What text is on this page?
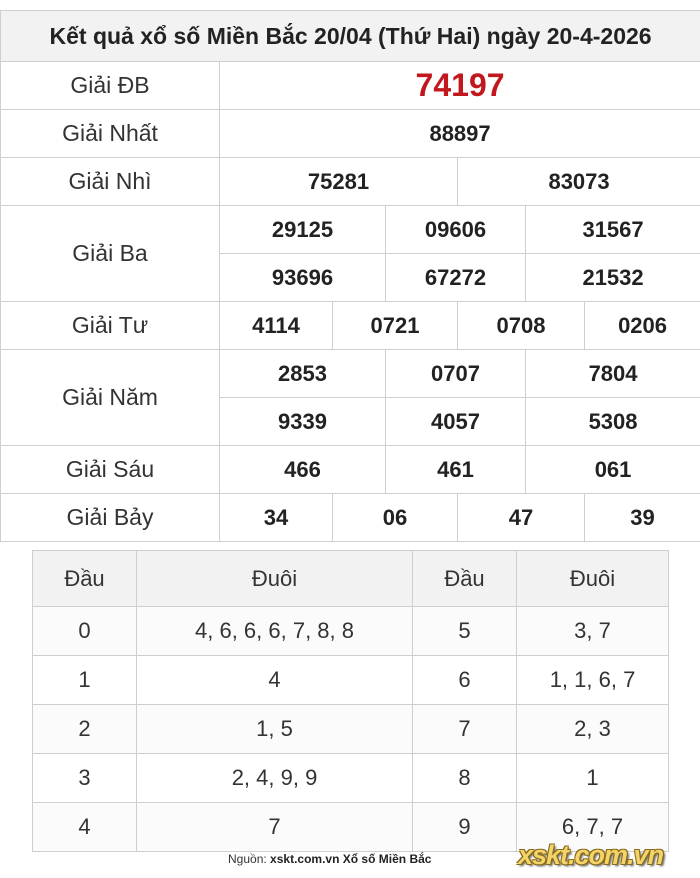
Kết quả xổ số Miền Bắc 20/04 (Thứ Hai) ngày 20-4-2026						
Giải ĐB	74197					
Giải Nhất	88897					
Giải Nhì	75281			83073		
Giải Ba	29125		09606		31567	
	93696		67272		21532	
Giải Tư	4114	0721		0708		0206
Giải Năm	2853		0707		7804	
	9339		4057		5308	
Giải Sáu	466		461		061	
Giải Bảy	34	06		47		39
Đầu	Đuôi	Đầu	Đuôi
0	4, 6, 6, 6, 7, 8, 8	5	3, 7
1	4	6	1, 1, 6, 7
2	1, 5	7	2, 3
3	2, 4, 9, 9	8	1
4	7	9	6, 7, 7
Nguồn: xskt.com.vn Xổ số Miền Bắc	xskt.com.vn
